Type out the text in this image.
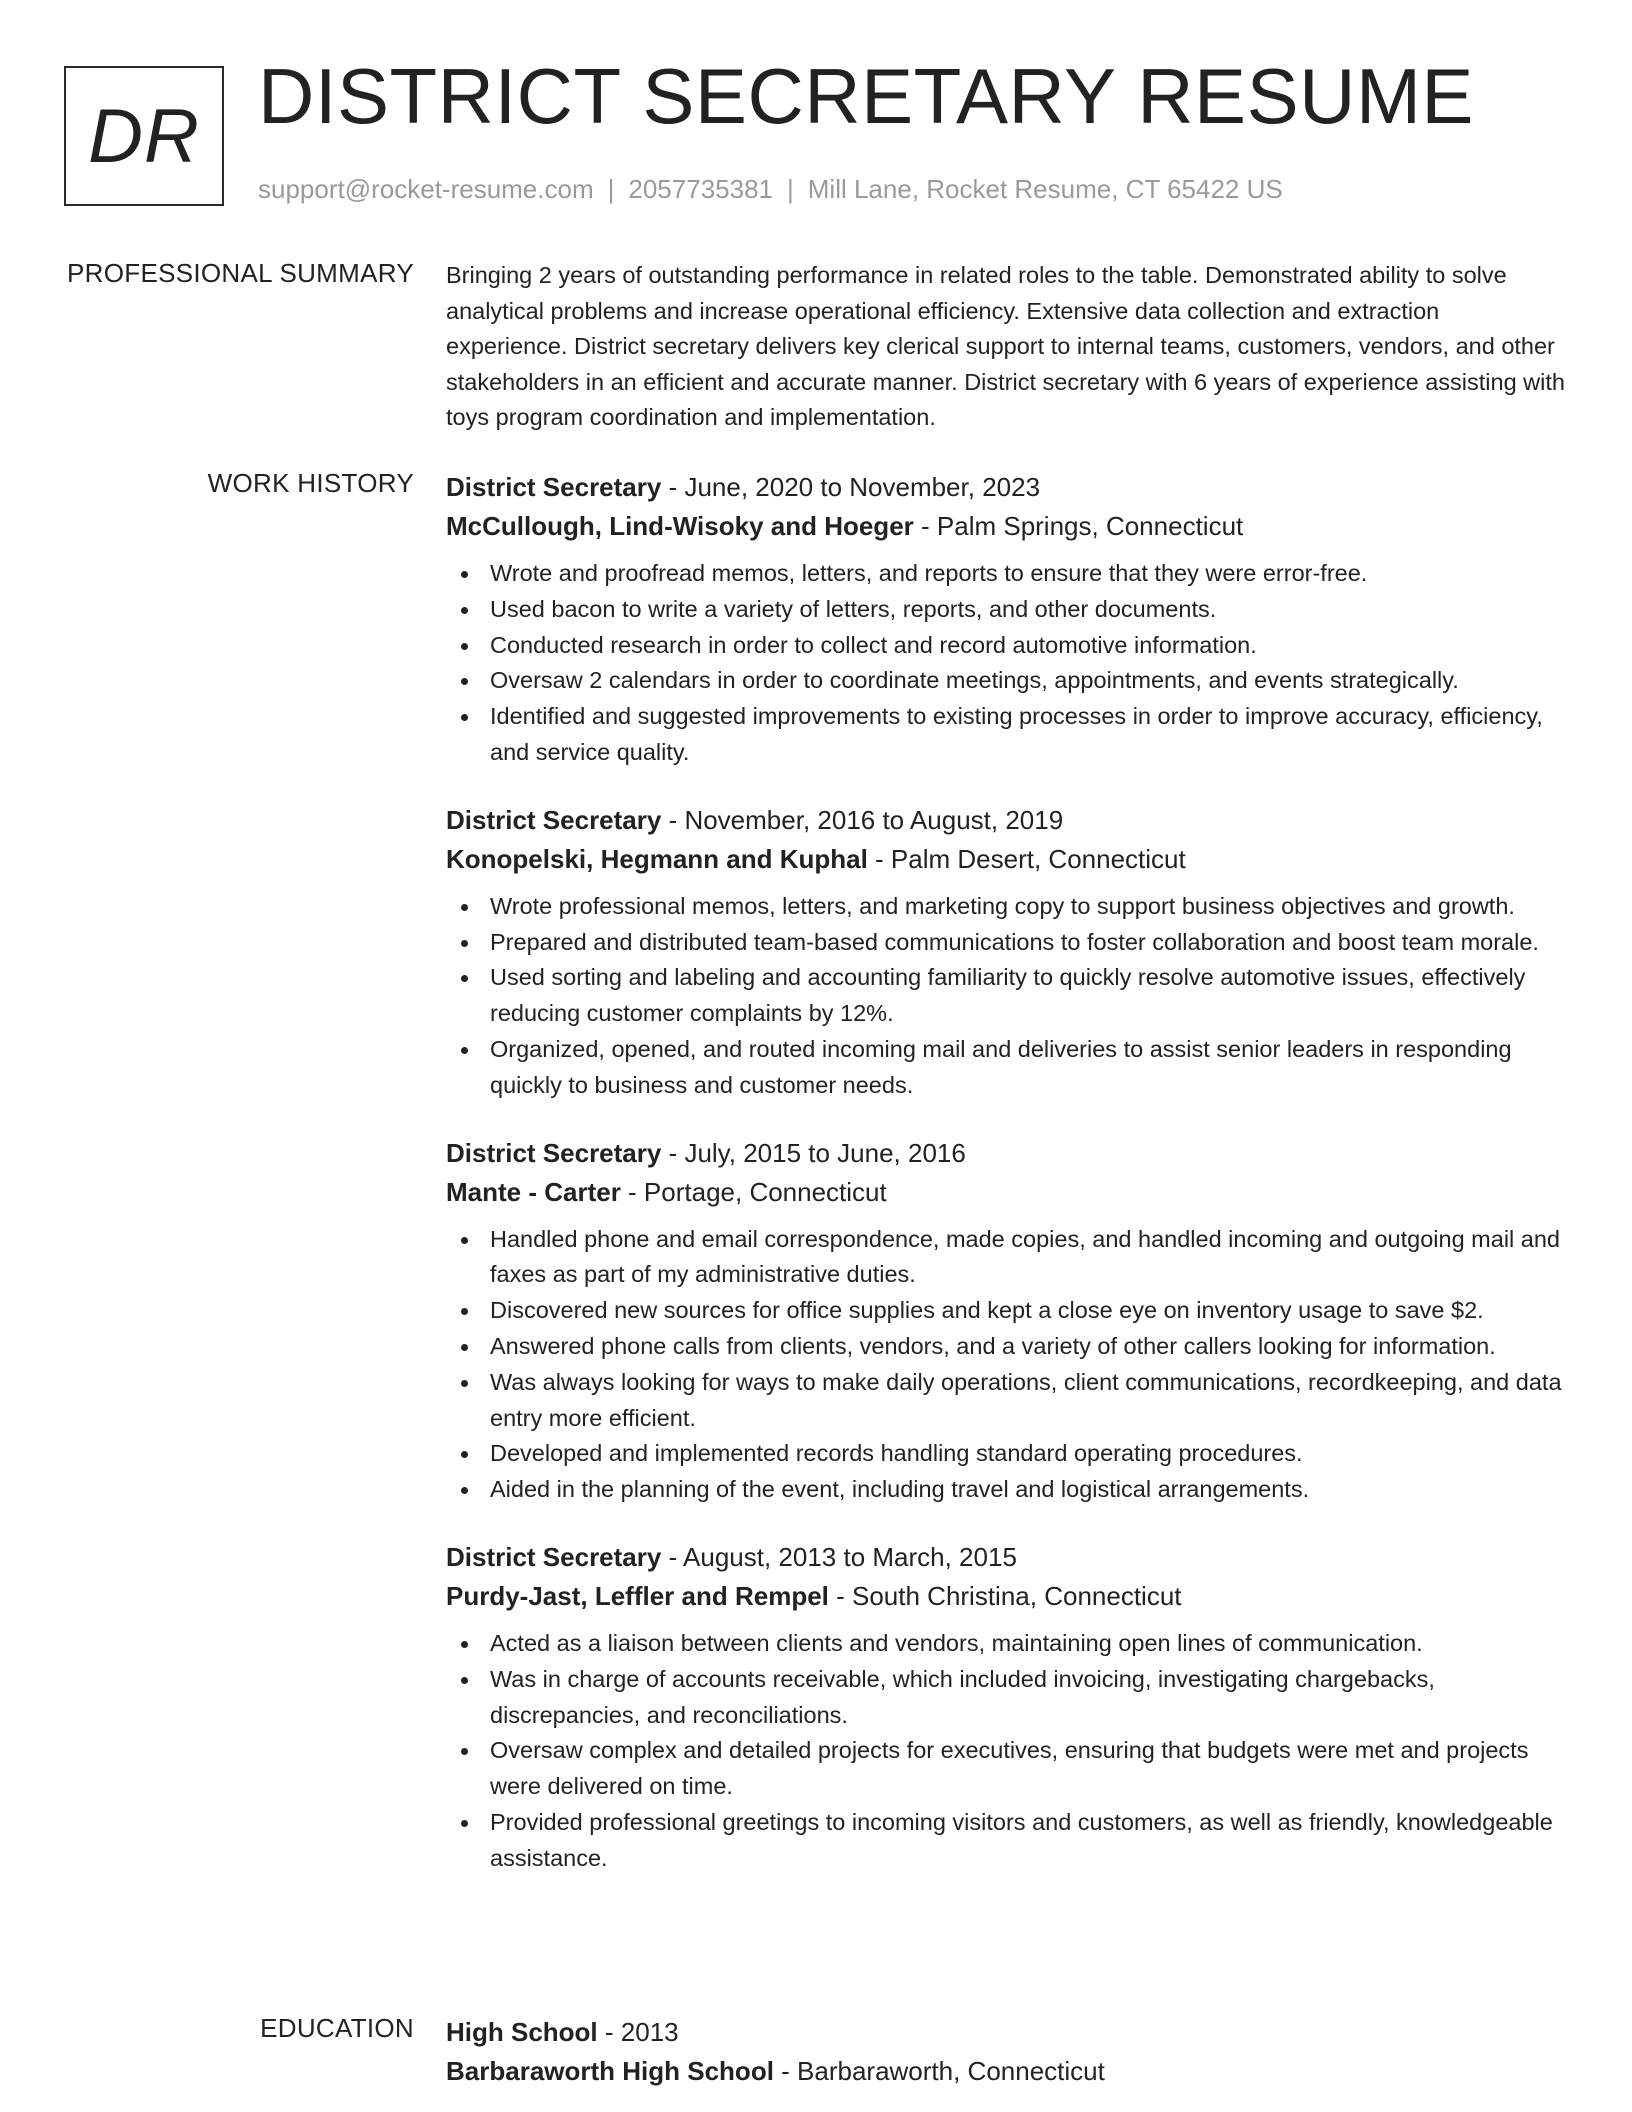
DR DISTRICT SECRETARY RESUME
support@rocket-resume.com | 2057735381 | Mill Lane, Rocket Resume, CT 65422 US
PROFESSIONAL SUMMARY Bringing 2 years of outstanding performance in related roles to the table. Demonstrated ability to solve analytical problems and increase operational efficiency. Extensive data collection and extraction experience. District secretary delivers key clerical support to internal teams, customers, vendors, and other stakeholders in an efficient and accurate manner. District secretary with 6 years of experience assisting with toys program coordination and implementation.

WORK HISTORY District Secretary - June, 2020 to November, 2023
McCullough, Lind-Wisoky and Hoeger - Palm Springs, Connecticut
Wrote and proofread memos, letters, and reports to ensure that they were error-free.
Used bacon to write a variety of letters, reports, and other documents.
Conducted research in order to collect and record automotive information.
Oversaw 2 calendars in order to coordinate meetings, appointments, and events strategically.
Identified and suggested improvements to existing processes in order to improve accuracy, efficiency, and service quality.
District Secretary - November, 2016 to August, 2019
Konopelski, Hegmann and Kuphal - Palm Desert, Connecticut
Wrote professional memos, letters, and marketing copy to support business objectives and growth.
Prepared and distributed team-based communications to foster collaboration and boost team morale.
Used sorting and labeling and accounting familiarity to quickly resolve automotive issues, effectively reducing customer complaints by 12%.
Organized, opened, and routed incoming mail and deliveries to assist senior leaders in responding quickly to business and customer needs.
District Secretary - July, 2015 to June, 2016
Mante - Carter - Portage, Connecticut
Handled phone and email correspondence, made copies, and handled incoming and outgoing mail and faxes as part of my administrative duties.
Discovered new sources for office supplies and kept a close eye on inventory usage to save $2.
Answered phone calls from clients, vendors, and a variety of other callers looking for information.
Was always looking for ways to make daily operations, client communications, recordkeeping, and data entry more efficient.
Developed and implemented records handling standard operating procedures.
Aided in the planning of the event, including travel and logistical arrangements.
District Secretary - August, 2013 to March, 2015
Purdy-Jast, Leffler and Rempel - South Christina, Connecticut
Acted as a liaison between clients and vendors, maintaining open lines of communication.
Was in charge of accounts receivable, which included invoicing, investigating chargebacks, discrepancies, and reconciliations.
Oversaw complex and detailed projects for executives, ensuring that budgets were met and projects were delivered on time.
Provided professional greetings to incoming visitors and customers, as well as friendly, knowledgeable assistance.
EDUCATION High School - 2013
Barbaraworth High School - Barbaraworth, Connecticut
